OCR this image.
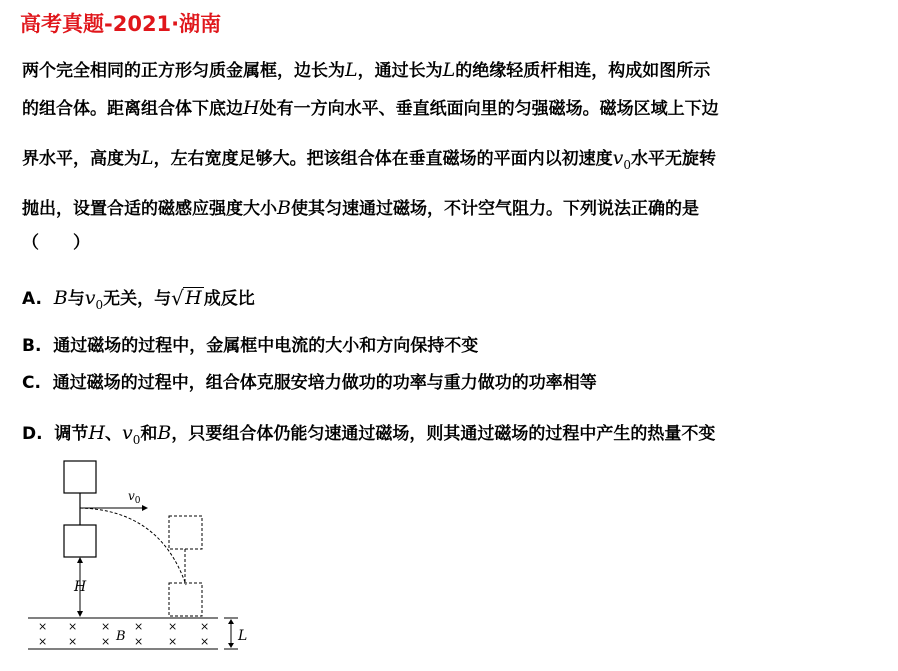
高考真题-2021·湖南
两个完全相同的正方形匀质金属框，边长为L，通过长为L的绝缘轻质杆相连，构成如图所示
的组合体。距离组合体下底边H处有一方向水平、垂直纸面向里的匀强磁场。磁场区域上下边
界水平，高度为L，左右宽度足够大。把该组合体在垂直磁场的平面内以初速度$v_0$水平无旋转
抛出，设置合适的磁感应强度大小B使其匀速通过磁场，不计空气阻力。下列说法正确的是
（　　）
A. B与$v_0$无关，与 √ H 成反比
B. 通过磁场的过程中，金属框中电流的大小和方向保持不变
C. 通过磁场的过程中，组合体克服安培力做功的功率与重力做功的功率相等
D. 调节H、$v_0$和B，只要组合体仍能匀速通过磁场，则其通过磁场的过程中产生的热量不变
$v_0$
H
L
B
× × × × × ×
× × × × × ×
